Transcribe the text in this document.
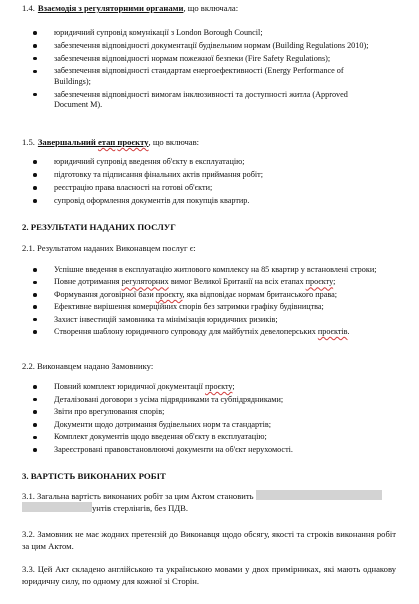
1.4. Взаємодія з регуляторними органами, що включала:
юридичний супровід комунікації з London Borough Council;
забезпечення відповідності документації будівельним нормам (Building Regulations 2010);
забезпечення відповідності нормам пожежної безпеки (Fire Safety Regulations);
забезпечення відповідності стандартам енергоефективності (Energy Performance of Buildings);
забезпечення відповідності вимогам інклюзивності та доступності житла (Approved Document M).
1.5. Завершальний етап проєкту, що включав:
юридичний супровід введення об'єкту в експлуатацію;
підготовку та підписання фінальних актів приймання робіт;
реєстрацію права власності на готові об'єкти;
супровід оформлення документів для покупців квартир.
2. РЕЗУЛЬТАТИ НАДАНИХ ПОСЛУГ
2.1. Результатом наданих Виконавцем послуг є:
Успішне введення в експлуатацію житлового комплексу на 85 квартир у встановлені строки;
Повне дотримання регуляторних вимог Великої Британії на всіх етапах проєкту;
Формування договірної бази проєкту, яка відповідає нормам британського права;
Ефективне вирішення комерційних спорів без затримки графіку будівництва;
Захист інвестицій замовника та мінімізація юридичних ризиків;
Створення шаблону юридичного супроводу для майбутніх девелоперських проєктів.
2.2. Виконавцем надано Замовнику:
Повний комплект юридичної документації проєкту;
Деталізовані договори з усіма підрядниками та субпідрядниками;
Звіти про врегулювання спорів;
Документи щодо дотримання будівельних норм та стандартів;
Комплект документів щодо введення об'єкту в експлуатацію;
Зареєстровані правовстановлюючі документи на об'єкт нерухомості.
3. ВАРТІСТЬ ВИКОНАНИХ РОБІТ
3.1. Загальна вартість виконаних робіт за цим Актом становить
унтів стерлінгів, без ПДВ.
3.2. Замовник не має жодних претензій до Виконавця щодо обсягу, якості та строків виконання робіт за цим Актом.
3.3. Цей Акт складено англійською та українською мовами у двох примірниках, які мають однакову юридичну силу, по одному для кожної зі Сторін.
